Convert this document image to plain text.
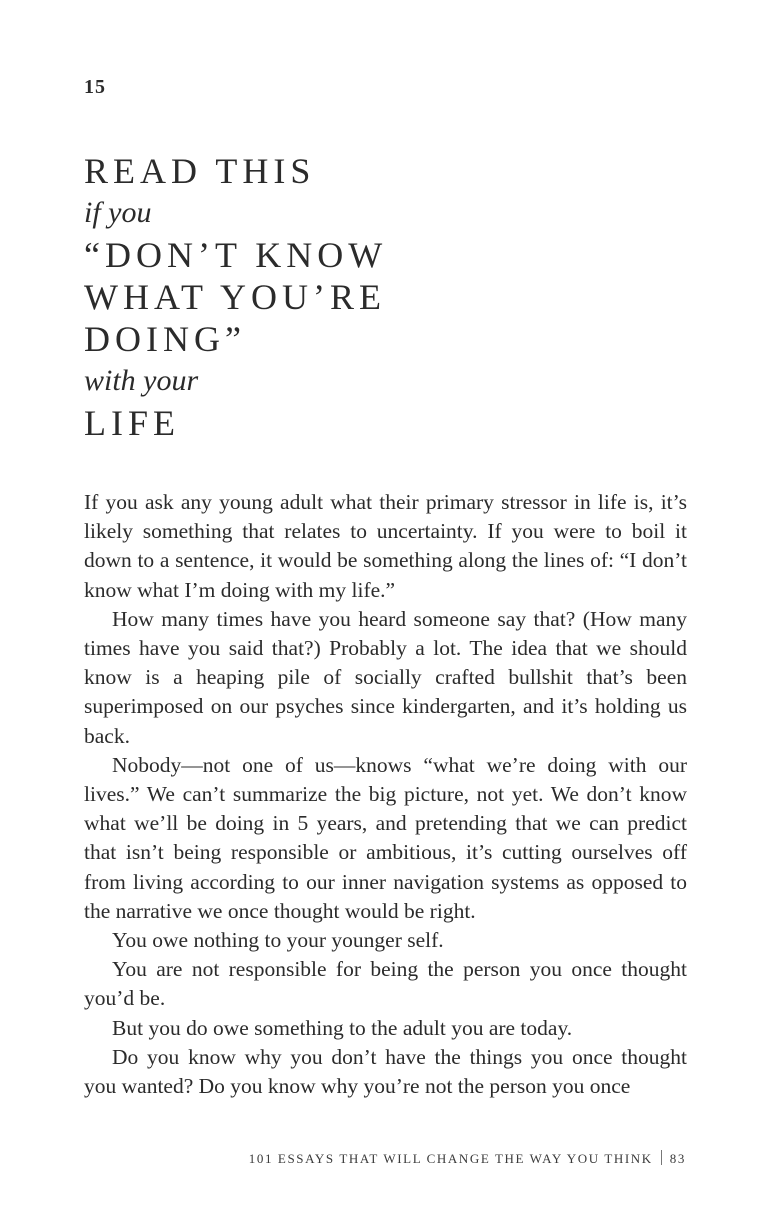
15
READ THIS
if you
“DON’T KNOW
WHAT YOU’RE
DOING”
with your
LIFE

If you ask any young adult what their primary stressor in life is, it’s likely something that relates to uncertainty. If you were to boil it down to a sentence, it would be something along the lines of: “I don’t know what I’m doing with my life.”

How many times have you heard someone say that? (How many times have you said that?) Probably a lot. The idea that we should know is a heaping pile of socially crafted bullshit that’s been superimposed on our psyches since kindergarten, and it’s holding us back.

Nobody—not one of us—knows “what we’re doing with our lives.” We can’t summarize the big picture, not yet. We don’t know what we’ll be doing in 5 years, and pretending that we can predict that isn’t being responsible or ambitious, it’s cutting ourselves off from living according to our inner navigation systems as opposed to the narrative we once thought would be right.

You owe nothing to your younger self.

You are not responsible for being the person you once thought you’d be.

But you do owe something to the adult you are today.

Do you know why you don’t have the things you once thought you wanted? Do you know why you’re not the person you once

101 ESSAYS THAT WILL CHANGE THE WAY YOU THINK 83
